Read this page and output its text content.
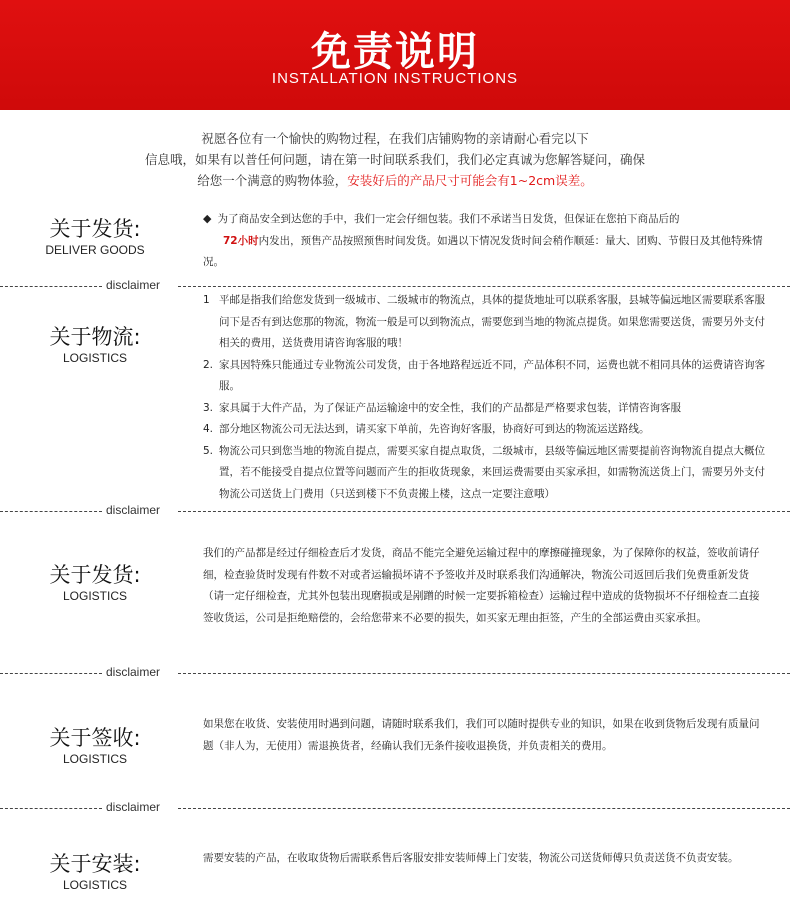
免责说明
INSTALLATION INSTRUCTIONS
祝愿各位有一个愉快的购物过程，在我们店铺购物的亲请耐心看完以下
信息哦，如果有以普任何问题，请在第一时间联系我们，我们必定真诚为您解答疑问，确保
给您一个满意的购物体验，安装好后的产品尺寸可能会有1~2cm误差。
关于发货:
DELIVER GOODS
◆ 为了商品安全到达您的手中，我们一定会仔细包装。我们不承诺当日发货，但保证在您拍下商品后的
72小时内发出，预售产品按照预售时间发货。如遇以下情况发货时间会稍作顺延：量大、团购、节假日及其他特殊情况。
disclaimer
关于物流:
LOGISTICS
1 平邮是指我们给您发货到一级城市、二级城市的物流点，具体的提货地址可以联系客服，县城等偏远地区需要联系客服问下是否有到达您那的物流，物流一般是可以到物流点，需要您到当地的物流点提货。如果您需要送货，需要另外支付相关的费用，送货费用请咨询客服的哦！
2. 家具因特殊只能通过专业物流公司发货，由于各地路程远近不同，产品体积不同，运费也就不相同具体的运费请咨询客服。
3. 家具属于大件产品，为了保证产品运输途中的安全性，我们的产品都是严格要求包装，详情咨询客服
4. 部分地区物流公司无法达到，请买家下单前，先咨询好客服，协商好可到达的物流运送路线。
5. 物流公司只到您当地的物流自提点，需要买家自提点取货，二级城市，县级等偏远地区需要提前咨询物流自提点大概位置，若不能接受自提点位置等问题而产生的拒收货现象，来回运费需要由买家承担，如需物流送货上门，需要另外支付物流公司送货上门费用（只送到楼下不负责搬上楼，这点一定要注意哦）
disclaimer
关于发货:
LOGISTICS
我们的产品都是经过仔细检查后才发货，商品不能完全避免运输过程中的摩擦碰撞现象，为了保障你的权益，签收前请仔细，检查验货时发现有件数不对或者运输损坏请不予签收并及时联系我们沟通解决，物流公司返回后我们免费重新发货（请一定仔细检查，尤其外包装出现磨损或是剐蹭的时候一定要拆箱检查）运输过程中造成的货物损坏不仔细检查二直接签收货运，公司是拒绝赔偿的，会给您带来不必要的损失，如买家无理由拒签，产生的全部运费由买家承担。
disclaimer
关于签收:
LOGISTICS
如果您在收货、安装使用时遇到问题，请随时联系我们，我们可以随时提供专业的知识，如果在收到货物后发现有质量问题（非人为，无使用）需退换货者，经确认我们无条件接收退换货，并负责相关的费用。
disclaimer
关于安装:
LOGISTICS
需要安装的产品，在收取货物后需联系售后客服安排安装师傅上门安装，物流公司送货师傅只负责送货不负责安装。
